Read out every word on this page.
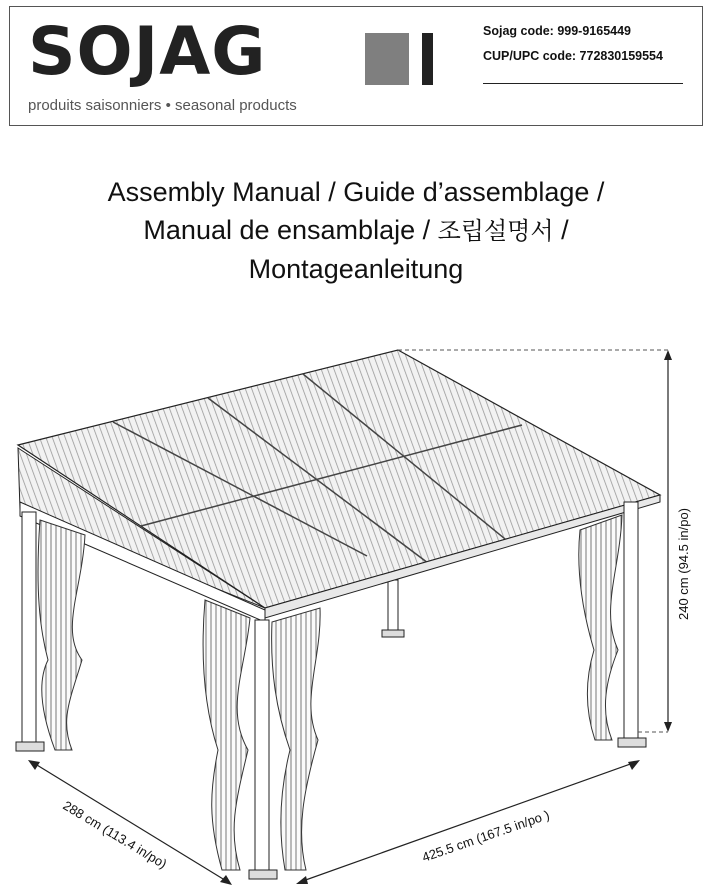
SOJAG
produits saisonniers • seasonal products
Sojag code: 999-9165449
CUP/UPC code: 772830159554
Assembly Manual / Guide d’assemblage /
Manual de ensamblaje / 조립설명서 /
Montageanleitung
240 cm (94.5 in/po)
288 cm (113.4 in/po)	425.5 cm (167.5 in/po )
